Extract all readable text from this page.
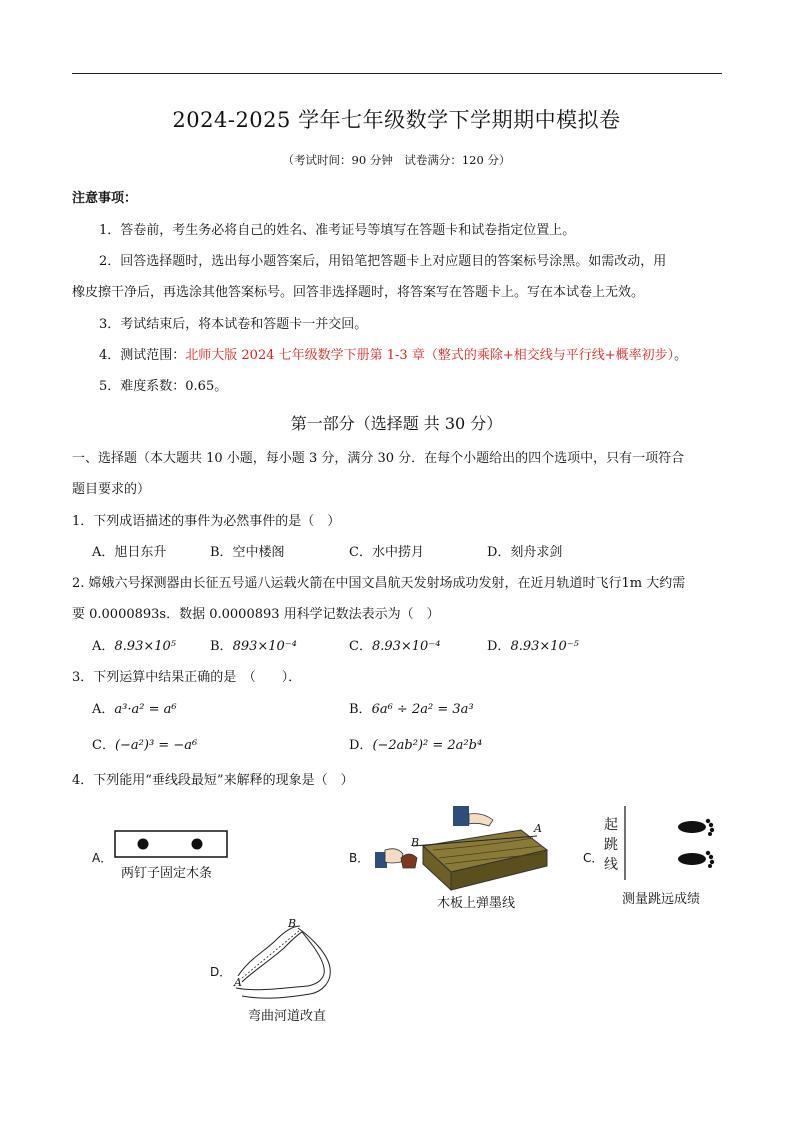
2024-2025 学年七年级数学下学期期中模拟卷
（考试时间：90 分钟　试卷满分：120 分）
注意事项：
1．答卷前，考生务必将自己的姓名、准考证号等填写在答题卡和试卷指定位置上。
2．回答选择题时，选出每小题答案后，用铅笔把答题卡上对应题目的答案标号涂黑。如需改动，用
橡皮擦干净后，再选涂其他答案标号。回答非选择题时，将答案写在答题卡上。写在本试卷上无效。
3．考试结束后，将本试卷和答题卡一并交回。
4．测试范围：北师大版 2024 七年级数学下册第 1-3 章（整式的乘除+相交线与平行线+概率初步）。
5．难度系数：0.65。
第一部分（选择题 共 30 分）
一、选择题（本大题共 10 小题，每小题 3 分，满分 30 分．在每个小题给出的四个选项中，只有一项符合
题目要求的）
1．下列成语描述的事件为必然事件的是（　）
A．旭日东升	B．空中楼阁	C．水中捞月	D．刻舟求剑
2. 嫦娥六号探测器由长征五号遥八运载火箭在中国文昌航天发射场成功发射，在近月轨道时飞行1m 大约需
要 0.0000893s．数据 0.0000893 用科学记数法表示为（　）
A．8.93×10⁵	B．893×10⁻⁴	C．8.93×10⁻⁴	D．8.93×10⁻⁵
3．下列运算中结果正确的是　（　　）．
A．a³·a² = a⁶	B．6a⁶ ÷ 2a² = 3a³
C．(−a²)³ = −a⁶	D．(−2ab²)² = 2a²b⁴
4．下列能用“垂线段最短”来解释的现象是（　）
A．
两钉子固定木条
B．
B
A
木板上弹墨线
C．
起跳线
测量跳远成绩
D．
A
B
弯曲河道改直
